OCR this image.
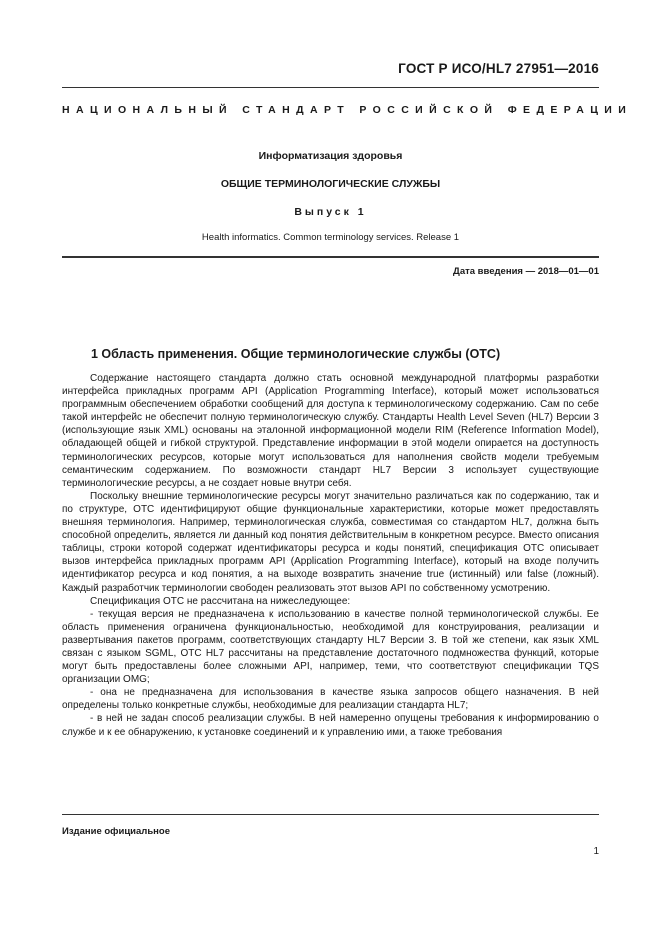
ГОСТ Р ИСО/HL7 27951—2016
НАЦИОНАЛЬНЫЙ СТАНДАРТ РОССИЙСКОЙ ФЕДЕРАЦИИ
Информатизация здоровья
ОБЩИЕ ТЕРМИНОЛОГИЧЕСКИЕ СЛУЖБЫ
Выпуск 1
Health informatics. Common terminology services. Release 1
Дата введения — 2018—01—01
1 Область применения. Общие терминологические службы (ОТС)

Содержание настоящего стандарта должно стать основной международной платформы разработки интерфейса прикладных программ API (Application Programming Interface), который может использоваться программным обеспечением обработки сообщений для доступа к терминологическому содержанию. Сам по себе такой интерфейс не обеспечит полную терминологическую службу. Стандарты Health Level Seven (HL7) Версии 3 (использующие язык XML) основаны на эталонной информационной модели RIM (Reference Information Model), обладающей общей и гибкой структурой. Представление информации в этой модели опирается на доступность терминологических ресурсов, которые могут использоваться для наполнения свойств модели требуемым семантическим содержанием. По возможности стандарт HL7 Версии 3 использует существующие терминологические ресурсы, а не создает новые внутри себя.

Поскольку внешние терминологические ресурсы могут значительно различаться как по содержанию, так и по структуре, ОТС идентифицируют общие функциональные характеристики, которые может предоставлять внешняя терминология. Например, терминологическая служба, совместимая со стандартом HL7, должна быть способной определить, является ли данный код понятия действительным в конкретном ресурсе. Вместо описания таблицы, строки которой содержат идентификаторы ресурса и коды понятий, спецификация ОТС описывает вызов интерфейса прикладных программ API (Application Programming Interface), который на входе получить идентификатор ресурса и код понятия, а на выходе возвратить значение true (истинный) или false (ложный). Каждый разработчик терминологии свободен реализовать этот вызов API по собственному усмотрению.

Спецификация ОТС не рассчитана на нижеследующее:

- текущая версия не предназначена к использованию в качестве полной терминологической службы. Ее область применения ограничена функциональностью, необходимой для конструирования, реализации и развертывания пакетов программ, соответствующих стандарту HL7 Версии 3. В той же степени, как язык XML связан с языком SGML, ОТС HL7 рассчитаны на представление достаточного подмножества функций, которые могут быть предоставлены более сложными API, например, теми, что соответствуют спецификации TQS организации OMG;

- она не предназначена для использования в качестве языка запросов общего назначения. В ней определены только конкретные службы, необходимые для реализации стандарта HL7;

- в ней не задан способ реализации службы. В ней намеренно опущены требования к информированию о службе и к ее обнаружению, к установке соединений и к управлению ими, а также требования

Издание официальное
1
